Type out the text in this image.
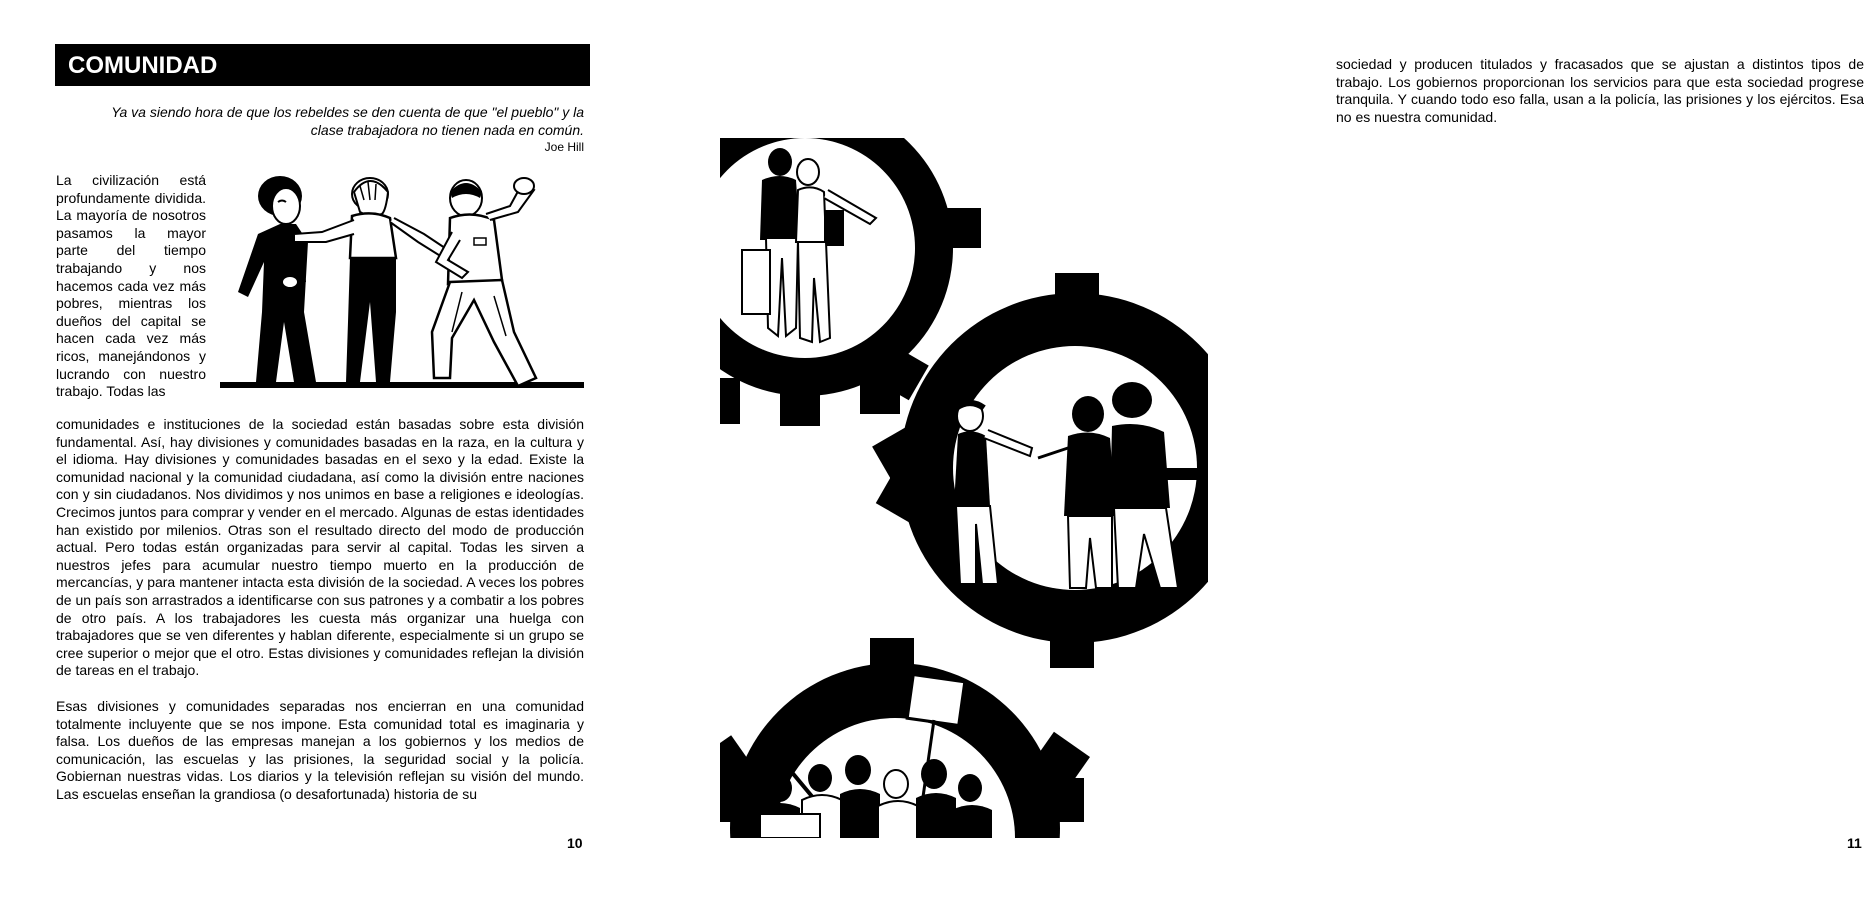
COMUNIDAD
Ya va siendo hora de que los rebeldes se den cuenta de que "el pueblo" y la
clase trabajadora no tienen nada en común.
Joe Hill

La civilización está profundamente dividida. La mayoría de nosotros pasamos la mayor parte del tiempo trabajando y nos hacemos cada vez más pobres, mientras los dueños del capital se hacen cada vez más ricos, manejándonos y lucrando con nuestro trabajo. Todas las

comunidades e instituciones de la sociedad están basadas sobre esta división fundamental. Así, hay divisiones y comunidades basadas en la raza, en la cultura y el idioma. Hay divisiones y comunidades basadas en el sexo y la edad. Existe la comunidad nacional y la comunidad ciudadana, así como la división entre naciones con y sin ciudadanos. Nos dividimos y nos unimos en base a religiones e ideologías. Crecimos juntos para comprar y vender en el mercado. Algunas de estas identidades han existido por milenios. Otras son el resultado directo del modo de producción actual. Pero todas están organizadas para servir al capital. Todas les sirven a nuestros jefes para acumular nuestro tiempo muerto en la producción de mercancías, y para mantener intacta esta división de la sociedad. A veces los pobres de un país son arrastrados a identificarse con sus patrones y a combatir a los pobres de otro país. A los trabajadores les cuesta más organizar una huelga con trabajadores que se ven diferentes y hablan diferente, especialmente si un grupo se cree superior o mejor que el otro. Estas divisiones y comunidades reflejan la división de tareas en el trabajo.

Esas divisiones y comunidades separadas nos encierran en una comunidad totalmente incluyente que se nos impone. Esta comunidad total es imaginaria y falsa. Los dueños de las empresas manejan a los gobiernos y los medios de comunicación, las escuelas y las prisiones, la seguridad social y la policía. Gobiernan nuestras vidas. Los diarios y la televisión reflejan su visión del mundo. Las escuelas enseñan la grandiosa (o desafortunada) historia de su

10

sociedad y producen titulados y fracasados que se ajustan a distintos tipos de trabajo. Los gobiernos proporcionan los servicios para que esta sociedad progrese tranquila. Y cuando todo eso falla, usan a la policía, las prisiones y los ejércitos. Esa no es nuestra comunidad.

11
